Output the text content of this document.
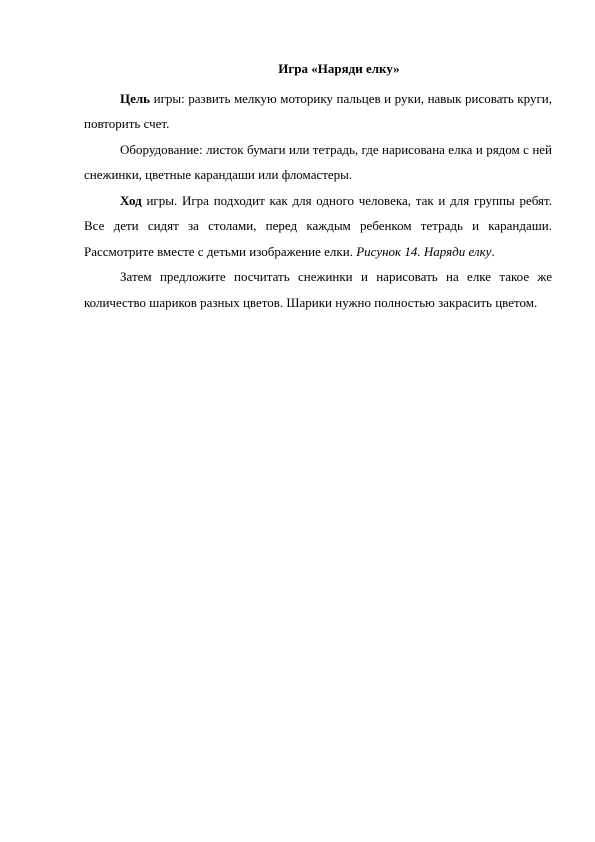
Игра «Наряди елку»

Цель игры: развить мелкую моторику пальцев и руки, навык рисовать круги, повторить счет.

Оборудование: листок бумаги или тетрадь, где нарисована елка и рядом с ней снежинки, цветные карандаши или фломастеры.

Ход игры. Игра подходит как для одного человека, так и для группы ребят. Все дети сидят за столами, перед каждым ребенком тетрадь и карандаши. Рассмотрите вместе с детьми изображение елки. Рисунок 14. Наряди елку.

Затем предложите посчитать снежинки и нарисовать на елке такое же количество шариков разных цветов. Шарики нужно полностью закрасить цветом.
